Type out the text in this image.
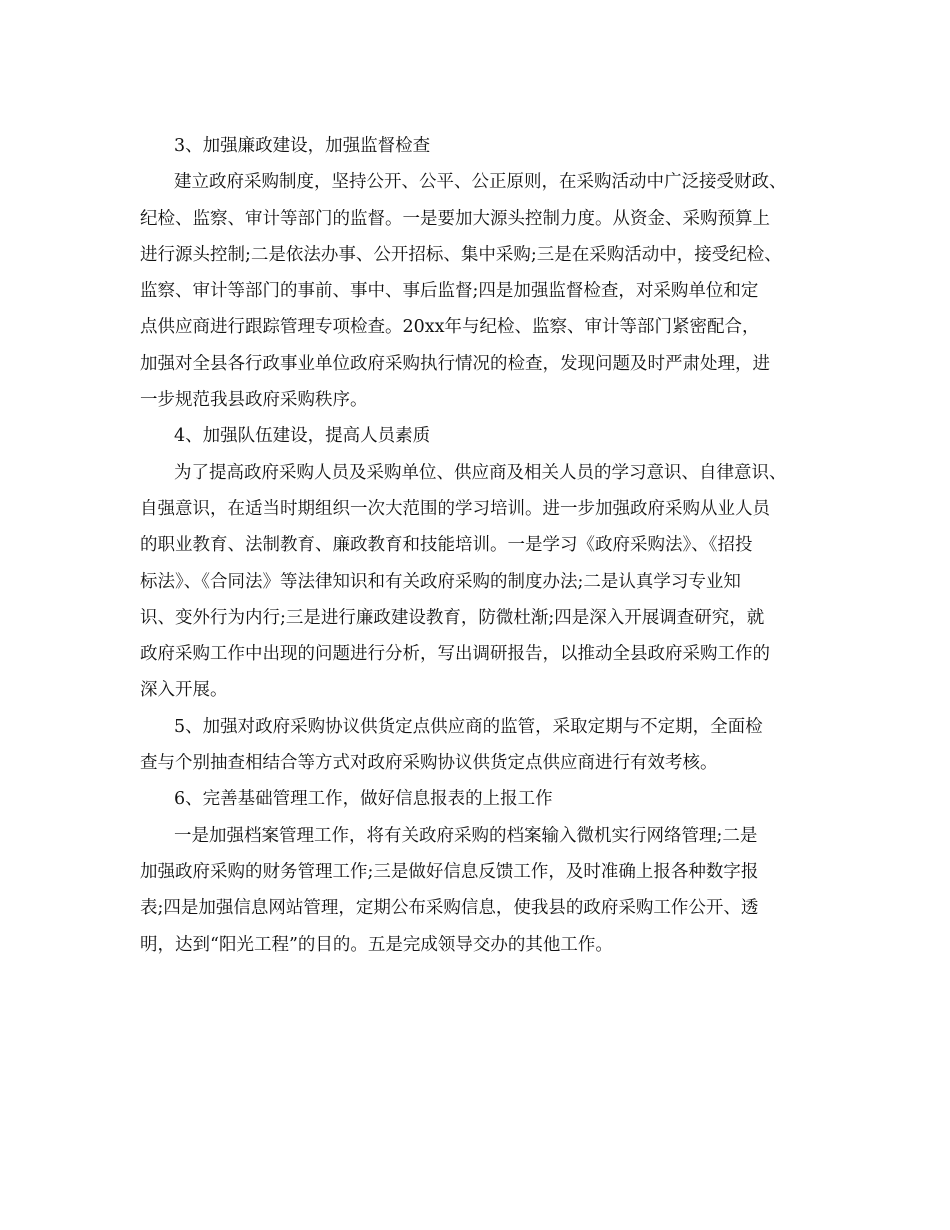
3、加强廉政建设，加强监督检查
建立政府采购制度，坚持公开、公平、公正原则，在采购活动中广泛接受财政、
纪检、监察、审计等部门的监督。一是要加大源头控制力度。从资金、采购预算上
进行源头控制;二是依法办事、公开招标、集中采购;三是在采购活动中，接受纪检、
监察、审计等部门的事前、事中、事后监督;四是加强监督检查，对采购单位和定
点供应商进行跟踪管理专项检查。20xx年与纪检、监察、审计等部门紧密配合，
加强对全县各行政事业单位政府采购执行情况的检查，发现问题及时严肃处理，进
一步规范我县政府采购秩序。
4、加强队伍建设，提高人员素质
为了提高政府采购人员及采购单位、供应商及相关人员的学习意识、自律意识、
自强意识，在适当时期组织一次大范围的学习培训。进一步加强政府采购从业人员
的职业教育、法制教育、廉政教育和技能培训。一是学习《政府采购法》、《招投
标法》、《合同法》等法律知识和有关政府采购的制度办法;二是认真学习专业知
识、变外行为内行;三是进行廉政建设教育，防微杜渐;四是深入开展调查研究，就
政府采购工作中出现的问题进行分析，写出调研报告，以推动全县政府采购工作的
深入开展。
5、加强对政府采购协议供货定点供应商的监管，采取定期与不定期，全面检
查与个别抽查相结合等方式对政府采购协议供货定点供应商进行有效考核。
6、完善基础管理工作，做好信息报表的上报工作
一是加强档案管理工作，将有关政府采购的档案输入微机实行网络管理;二是
加强政府采购的财务管理工作;三是做好信息反馈工作，及时准确上报各种数字报
表;四是加强信息网站管理，定期公布采购信息，使我县的政府采购工作公开、透
明，达到“阳光工程”的目的。五是完成领导交办的其他工作。
